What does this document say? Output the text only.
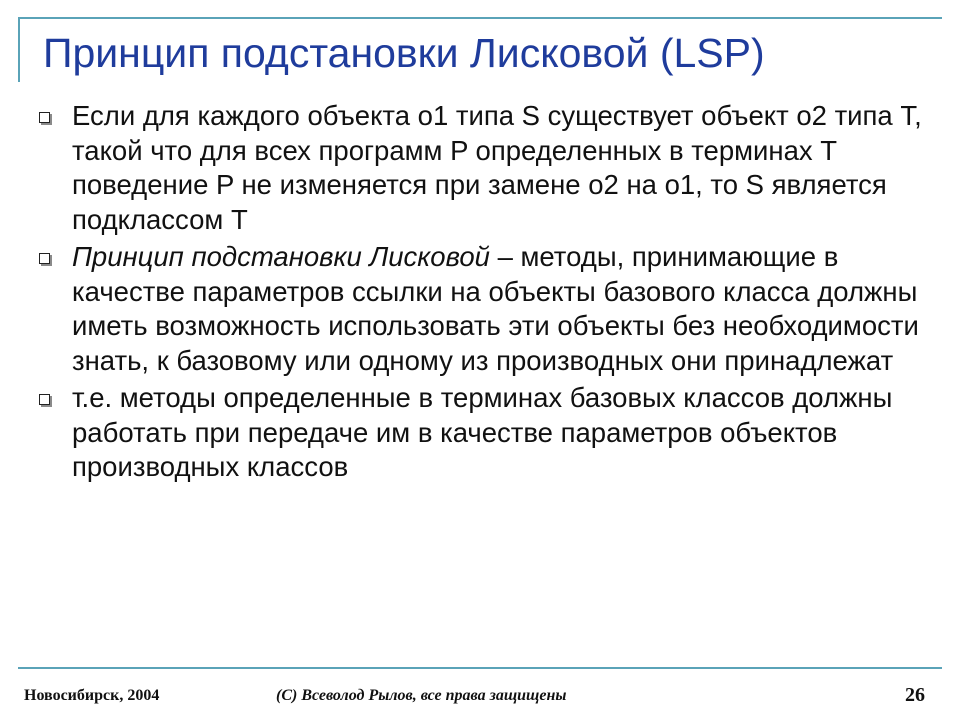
Принцип подстановки Лисковой (LSP)
Если для каждого объекта o1 типа S существует объект o2 типа T, такой что для всех программ P определенных в терминах T поведение P не изменяется при замене o2 на o1, то S является подклассом T
Принцип подстановки Лисковой – методы, принимающие в качестве параметров ссылки на объекты базового класса должны иметь возможность использовать эти объекты без необходимости знать, к базовому или одному из производных они принадлежат
т.е. методы определенные в терминах базовых классов должны работать при передаче им в качестве параметров объектов производных классов
Новосибирск, 2004	(С) Всеволод Рылов, все права защищены	26
